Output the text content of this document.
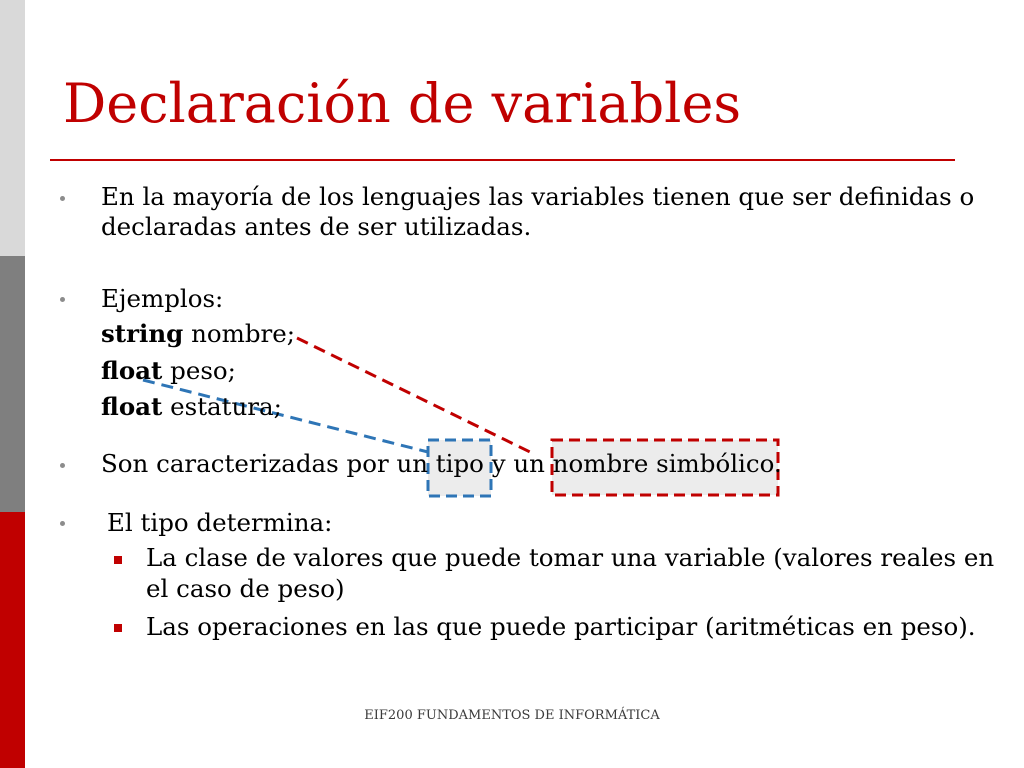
Declaración de variables
En la mayoría de los lenguajes las variables tienen que ser definidas o
declaradas antes de ser utilizadas.
Ejemplos:
string nombre;
float peso;
float estatura;
Son caracterizadas por un tipo y un nombre simbólico.
El tipo determina:
La clase de valores que puede tomar una variable (valores reales en
el caso de peso)
Las operaciones en las que puede participar (aritméticas en peso).
EIF200 FUNDAMENTOS DE INFORMÁTICA
